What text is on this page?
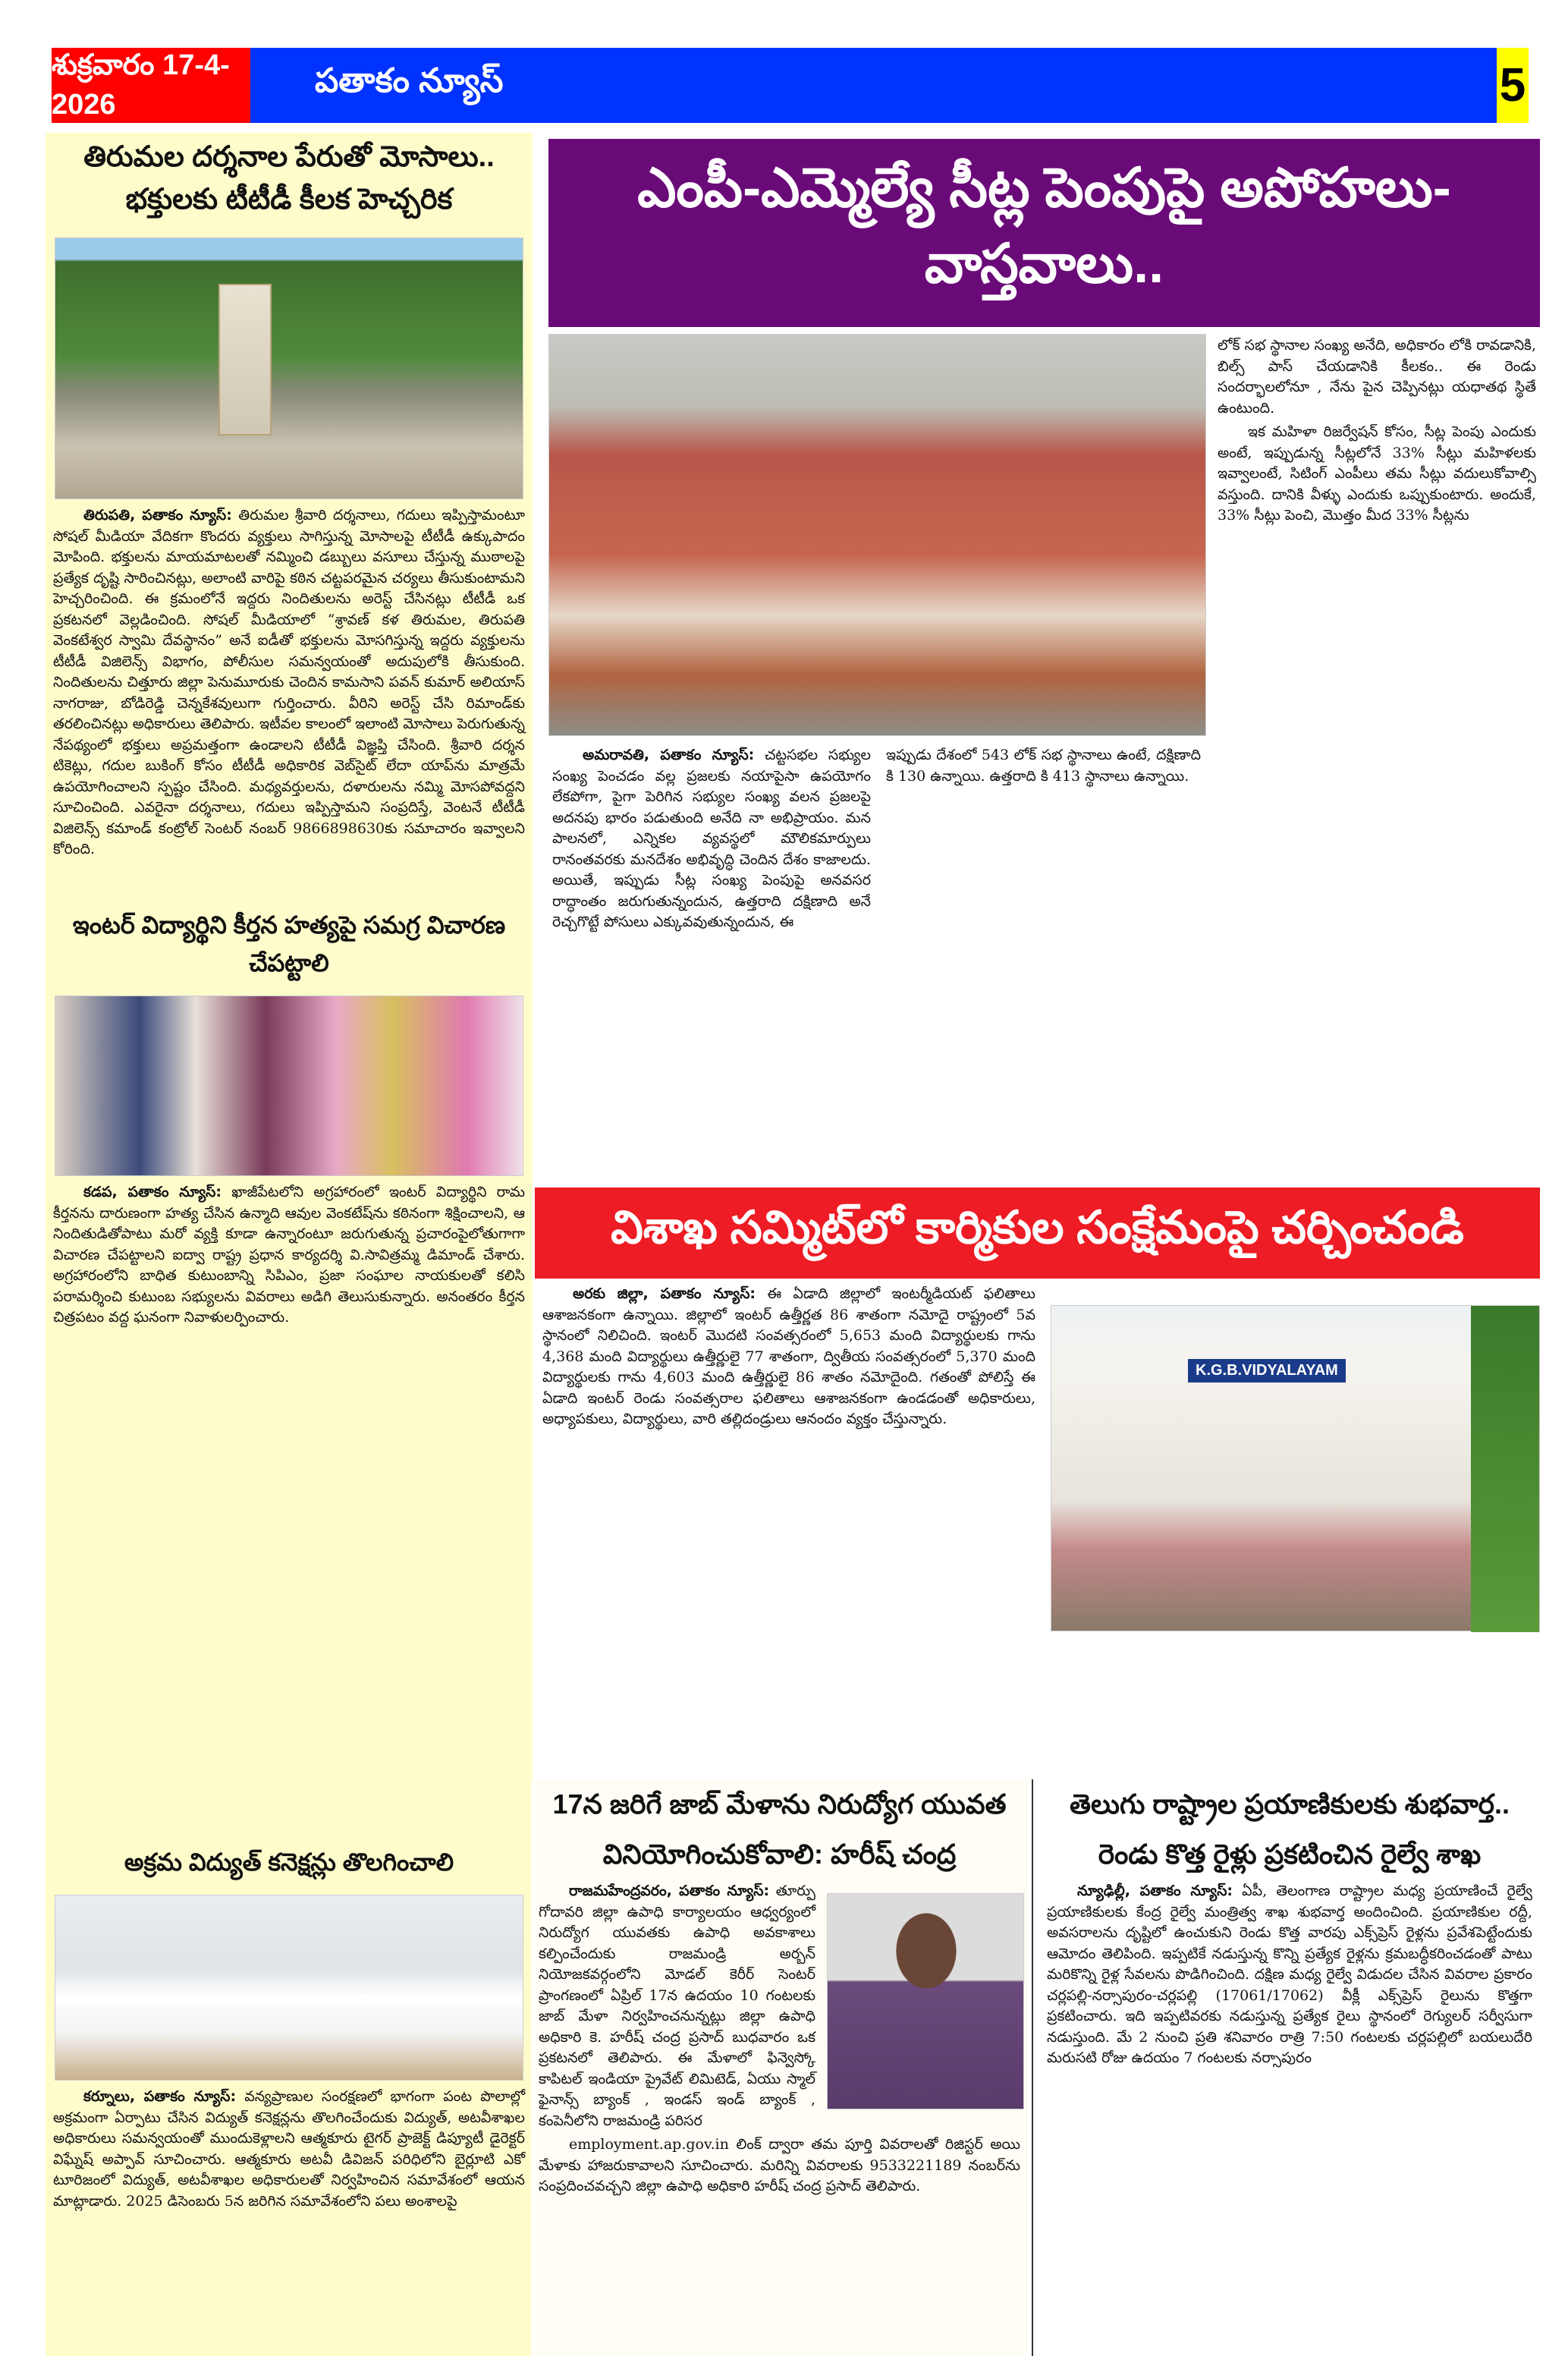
శుక్రవారం 17-4-2026
పతాకం న్యూస్	5
తిరుమల దర్శనాల పేరుతో మోసాలు..
భక్తులకు టీటీడీ కీలక హెచ్చరిక

తిరుపతి, పతాకం న్యూస్: తిరుమల శ్రీవారి దర్శనాలు, గదులు ఇప్పిస్తామంటూ సోషల్ మీడియా వేదికగా కొందరు వ్యక్తులు సాగిస్తున్న మోసాలపై టీటీడీ ఉక్కుపాదం మోపింది. భక్తులను మాయమాటలతో నమ్మించి డబ్బులు వసూలు చేస్తున్న ముఠాలపై ప్రత్యేక దృష్టి సారించినట్లు, అలాంటి వారిపై కఠిన చట్టపరమైన చర్యలు తీసుకుంటామని హెచ్చరించింది. ఈ క్రమంలోనే ఇద్దరు నిందితులను అరెస్ట్ చేసినట్లు టీటీడీ ఒక ప్రకటనలో వెల్లడించింది. సోషల్ మీడియాలో “శ్రావణ్ కళ తిరుమల, తిరుపతి వెంకటేశ్వర స్వామి దేవస్థానం” అనే ఐడీతో భక్తులను మోసగిస్తున్న ఇద్దరు వ్యక్తులను టీటీడీ విజిలెన్స్ విభాగం, పోలీసుల సమన్వయంతో అదుపులోకి తీసుకుంది. నిందితులను చిత్తూరు జిల్లా పెనుమూరుకు చెందిన కామసాని పవన్ కుమార్ అలియాస్ నాగరాజు, బోడిరెడ్డి చెన్నకేశవులుగా గుర్తించారు. వీరిని అరెస్ట్ చేసి రిమాండ్‌కు తరలించినట్లు అధికారులు తెలిపారు. ఇటీవల కాలంలో ఇలాంటి మోసాలు పెరుగుతున్న నేపథ్యంలో భక్తులు అప్రమత్తంగా ఉండాలని టీటీడీ విజ్ఞప్తి చేసింది. శ్రీవారి దర్శన టికెట్లు, గదుల బుకింగ్ కోసం టీటీడీ అధికారిక వెబ్‌సైట్ లేదా యాప్‌ను మాత్రమే ఉపయోగించాలని స్పష్టం చేసింది. మధ్యవర్తులను, దళారులను నమ్మి మోసపోవద్దని సూచించింది. ఎవరైనా దర్శనాలు, గదులు ఇప్పిస్తామని సంప్రదిస్తే, వెంటనే టీటీడీ విజిలెన్స్ కమాండ్ కంట్రోల్ సెంటర్ నంబర్ 9866898630కు సమాచారం ఇవ్వాలని కోరింది.

ఇంటర్ విద్యార్థిని కీర్తన హత్యపై సమగ్ర విచారణ చేపట్టాలి

కడప, పతాకం న్యూస్: ఖాజీపేటలోని అగ్రహారంలో ఇంటర్ విద్యార్థిని రామ కీర్తనను దారుణంగా హత్య చేసిన ఉన్మాది ఆవుల వెంకటేష్‌ను కఠినంగా శిక్షించాలని, ఆ నిందితుడితోపాటు మరో వ్యక్తి కూడా ఉన్నారంటూ జరుగుతున్న ప్రచారంపైలోతుగాగా విచారణ చేపట్టాలని ఐద్వా రాష్ట్ర ప్రధాన కార్యదర్శి వి.సావిత్రమ్మ డిమాండ్ చేశారు. అగ్రహారంలోని బాధిత కుటుంబాన్ని సిపిఎం, ప్రజా సంఘాల నాయకులతో కలిసి పరామర్శించి కుటుంబ సభ్యులను వివరాలు అడిగి తెలుసుకున్నారు. అనంతరం కీర్తన చిత్రపటం వద్ద ఘనంగా నివాళులర్పించారు.

అక్రమ విద్యుత్ కనెక్షన్లు తొలగించాలి

కర్నూలు, పతాకం న్యూస్: వన్యప్రాణుల సంరక్షణలో భాగంగా పంట పొలాల్లో అక్రమంగా ఏర్పాటు చేసిన విద్యుత్ కనెక్షన్లను తొలగించేందుకు విద్యుత్, అటవీశాఖల అధికారులు సమన్వయంతో ముందుకెళ్లాలని ఆత్మకూరు టైగర్ ప్రాజెక్ట్ డిప్యూటీ డైరెక్టర్ విఘ్నేష్ అప్పావ్ సూచించారు. ఆత్మకూరు అటవీ డివిజన్ పరిధిలోని బైర్లూటి ఎకో టూరిజంలో విద్యుత్, అటవీశాఖల అధికారులతో నిర్వహించిన సమావేశంలో ఆయన మాట్లాడారు. 2025 డిసెంబరు 5న జరిగిన సమావేశంలోని పలు అంశాలపై

ఎంపీ-ఎమ్మెల్యే సీట్ల పెంపుపై అపోహలు-వాస్తవాలు..

అమరావతి, పతాకం న్యూస్: చట్టసభల సభ్యుల సంఖ్య పెంచడం వల్ల ప్రజలకు నయాపైసా ఉపయోగం లేకపోగా, పైగా పెరిగిన సభ్యుల సంఖ్య వలన ప్రజలపై అదనపు భారం పడుతుంది అనేది నా అభిప్రాయం. మన పాలనలో, ఎన్నికల వ్యవస్థలో మౌలికమార్పులు రానంతవరకు మనదేశం అభివృద్ధి చెందిన దేశం కాజాలదు. అయితే, ఇప్పుడు సీట్ల సంఖ్య పెంపుపై అనవసర రాద్ధాంతం జరుగుతున్నందున, ఉత్తరాది దక్షిణాది అనే రెచ్చగొట్టే పోసులు ఎక్కువవుతున్నందున, ఈ

ఇప్పుడు దేశంలో 543 లోక్ సభ స్థానాలు ఉంటే, దక్షిణాది కి 130 ఉన్నాయి. ఉత్తరాది కి 413 స్థానాలు ఉన్నాయి.

లోక్ సభ స్థానాల సంఖ్య అనేది, అధికారం లోకి రావడానికి, బిల్స్ పాస్ చేయడానికి కీలకం.. ఈ రెండు సందర్భాలలోనూ , నేను పైన చెప్పినట్లు యధాతథ స్థితే ఉంటుంది.

ఇక మహిళా రిజర్వేషన్ కోసం, సీట్ల పెంపు ఎందుకు అంటే, ఇప్పుడున్న సీట్లలోనే 33% సీట్లు మహిళలకు ఇవ్వాలంటే, సిటింగ్ ఎంపీలు తమ సీట్లు వదులుకోవాల్సి వస్తుంది. దానికి వీళ్ళు ఎందుకు ఒప్పుకుంటారు. అందుకే, 33% సీట్లు పెంచి, మొత్తం మీద 33% సీట్లను

విశాఖ సమ్మిట్‌లో కార్మికుల సంక్షేమంపై చర్చించండి

అరకు జిల్లా, పతాకం న్యూస్: ఈ ఏడాది జిల్లాలో ఇంటర్మీడియట్ ఫలితాలు ఆశాజనకంగా ఉన్నాయి. జిల్లాలో ఇంటర్ ఉత్తీర్ణత 86 శాతంగా నమోదై రాష్ట్రంలో 5వ స్థానంలో నిలిచింది. ఇంటర్ మొదటి సంవత్సరంలో 5,653 మంది విద్యార్థులకు గాను 4,368 మంది విద్యార్థులు ఉత్తీర్ణులై 77 శాతంగా, ద్వితీయ సంవత్సరంలో 5,370 మంది విద్యార్థులకు గాను 4,603 మంది ఉత్తీర్ణులై 86 శాతం నమోదైంది. గతంతో పోలిస్తే ఈ ఏడాది ఇంటర్ రెండు సంవత్సరాల ఫలితాలు ఆశాజనకంగా ఉండడంతో అధికారులు, అధ్యాపకులు, విద్యార్థులు, వారి తల్లిదండ్రులు ఆనందం వ్యక్తం చేస్తున్నారు.

K.G.B.VIDYALAYAM
17న జరిగే జాబ్ మేళాను నిరుద్యోగ యువత
వినియోగించుకోవాలి: హరీష్ చంద్ర

రాజమహేంద్రవరం, పతాకం న్యూస్: తూర్పు గోదావరి జిల్లా ఉపాధి కార్యాలయం ఆధ్వర్యంలో నిరుద్యోగ యువతకు ఉపాధి అవకాశాలు కల్పించేందుకు రాజమండ్రి అర్బన్ నియోజకవర్గంలోని మోడల్ కెరీర్ సెంటర్ ప్రాంగణంలో ఏప్రిల్ 17న ఉదయం 10 గంటలకు జాబ్ మేళా నిర్వహించనున్నట్లు జిల్లా ఉపాధి అధికారి కె. హరీష్ చంద్ర ప్రసాద్ బుధవారం ఒక ప్రకటనలో తెలిపారు. ఈ మేళాలో ఫిన్వెస్కో కాపిటల్ ఇండియా ప్రైవేట్ లిమిటెడ్, ఏయు స్మాల్ ఫైనాన్స్ బ్యాంక్ , ఇండస్ ఇండ్ బ్యాంక్ , కంపెనీలోని రాజమండ్రి పరిసర

employment.ap.gov.in లింక్ ద్వారా తమ పూర్తి వివరాలతో రిజిస్టర్ అయి మేళాకు హాజరుకావాలని సూచించారు. మరిన్ని వివరాలకు 9533221189 నంబర్‌ను సంప్రదించవచ్చని జిల్లా ఉపాధి అధికారి హరీష్ చంద్ర ప్రసాద్ తెలిపారు.

తెలుగు రాష్ట్రాల ప్రయాణికులకు శుభవార్త..
రెండు కొత్త రైళ్లు ప్రకటించిన రైల్వే శాఖ

న్యూఢిల్లీ, పతాకం న్యూస్: ఏపీ, తెలంగాణ రాష్ట్రాల మధ్య ప్రయాణించే రైల్వే ప్రయాణికులకు కేంద్ర రైల్వే మంత్రిత్వ శాఖ శుభవార్త అందించింది. ప్రయాణికుల రద్దీ, అవసరాలను దృష్టిలో ఉంచుకుని రెండు కొత్త వారపు ఎక్స్‌ప్రెస్ రైళ్లను ప్రవేశపెట్టేందుకు ఆమోదం తెలిపింది. ఇప్పటికే నడుస్తున్న కొన్ని ప్రత్యేక రైళ్లను క్రమబద్ధీకరించడంతో పాటు మరికొన్ని రైళ్ల సేవలను పొడిగించింది. దక్షిణ మధ్య రైల్వే విడుదల చేసిన వివరాల ప్రకారం చర్లపల్లి-నర్సాపురం-చర్లపల్లి (17061/17062) వీక్లీ ఎక్స్‌ప్రెస్ రైలును కొత్తగా ప్రకటించారు. ఇది ఇప్పటివరకు నడుస్తున్న ప్రత్యేక రైలు స్థానంలో రెగ్యులర్ సర్వీసుగా నడుస్తుంది. మే 2 నుంచి ప్రతి శనివారం రాత్రి 7:50 గంటలకు చర్లపల్లిలో బయలుదేరి మరుసటి రోజు ఉదయం 7 గంటలకు నర్సాపురం
